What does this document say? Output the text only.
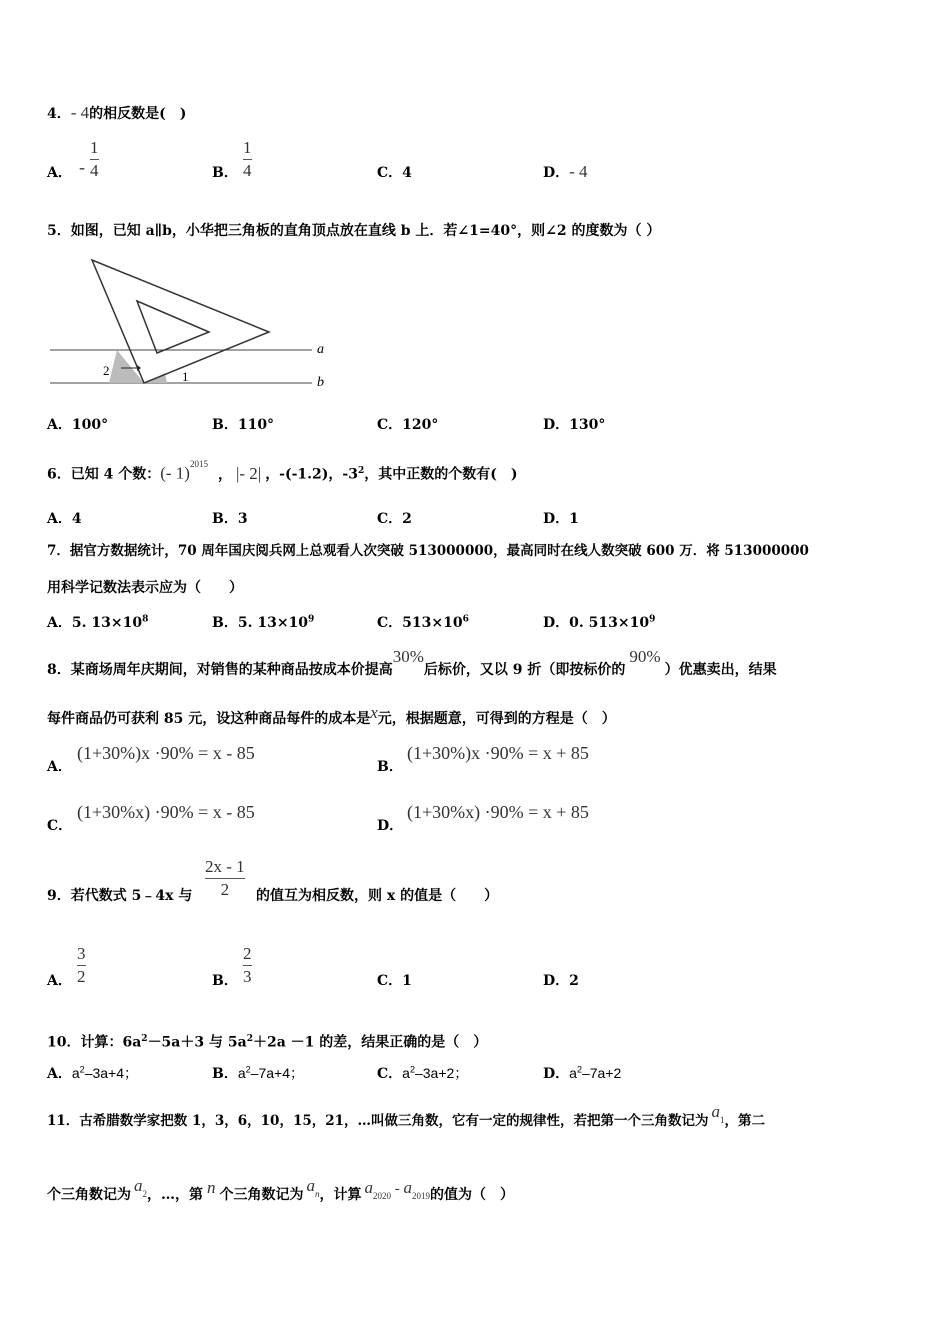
4．- 4的相反数是(　)
A． -
1
4	B．
1
4	C．4	D．- 4
5．如图，已知 a∥b，小华把三角板的直角顶点放在直线 b 上．若∠1=40°，则∠2 的度数为（ ）
2	1
a
b
A．100°	B．110°	C．120°	D．130°
6．已知 4 个数：(- 1)$^{2015}$， |- 2| ，-(-1.2)，$-3^2$，其中正数的个数有(　)
A．4	B．3	C．2	D．1
7．据官方数据统计，70 周年国庆阅兵网上总观看人次突破 513000000，最高同时在线人数突破 600 万．将 513000000
用科学记数法表示应为（　　）
A．5. $13\times 10^8$	B．5. $13\times 10^9$	C．$513\times 10^6$	D．0. $513\times 10^9$
8．某商场周年庆期间，对销售的某种商品按成本价提高30%后标价，又以 9 折（即按标价的90%）优惠卖出，结果
每件商品仍可获利 85 元，设这种商品每件的成本是x元，根据题意，可得到的方程是（　）
A．
(1+30%)x ·90% = x - 85
B．
(1+30%)x ·90% = x + 85
C．
(1+30%x) ·90% = x - 85
D．
(1+30%x) ·90% = x + 85
9．若代数式 5﹣4x 与
2x - 1
2 的值互为相反数，则 x 的值是（　　）
A．
3
2	B．
2
3	C．1	D．2
10．计算：$6a^2-5a+3$ 与 $5a^2+2a -1$ 的差，结果正确的是（　）
A．$a^2-3a+4$；	B．$a^2-7a+4$；	C．$a^2-3a+2$；	D．$a^2-7a+2$
11．古希腊数学家把数 1，3，6，10，15，21，…叫做三角数，它有一定的规律性，若把第一个三角数记为 $a_1$，第二
个三角数记为 $a_2$，…，第 n 个三角数记为 $a_n$，计算 $a_{2020} - a_{2019}$的值为（　）
